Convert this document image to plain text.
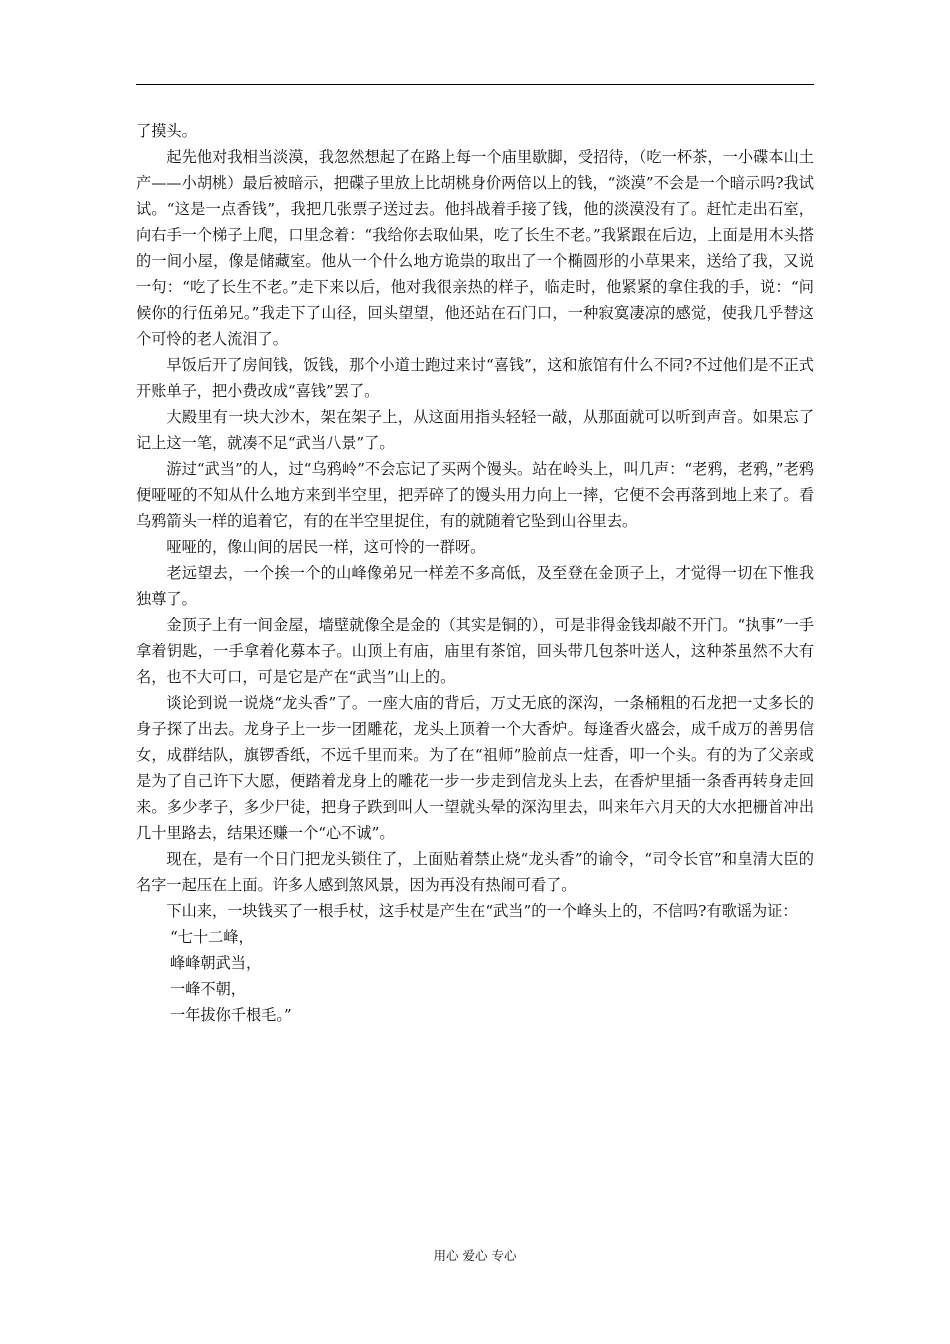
了摸头。

起先他对我相当淡漠，我忽然想起了在路上每一个庙里歇脚，受招待，（吃一杯茶，一小碟本山土产——小胡桃）最后被暗示，把碟子里放上比胡桃身价两倍以上的钱，“淡漠”不会是一个暗示吗?我试试。“这是一点香钱”，我把几张票子送过去。他抖战着手接了钱，他的淡漠没有了。赶忙走出石室，向右手一个梯子上爬，口里念着：“我给你去取仙果，吃了长生不老。”我紧跟在后边，上面是用木头搭的一间小屋，像是储藏室。他从一个什么地方诡祟的取出了一个椭圆形的小草果来，送给了我，又说一句：“吃了长生不老。”走下来以后，他对我很亲热的样子，临走时，他紧紧的拿住我的手，说：“问候你的行伍弟兄。”我走下了山径，回头望望，他还站在石门口，一种寂寞凄凉的感觉，使我几乎替这个可怜的老人流泪了。

早饭后开了房间钱，饭钱，那个小道士跑过来讨“喜钱”，这和旅馆有什么不同?不过他们是不正式开账单子，把小费改成“喜钱”罢了。

大殿里有一块大沙木，架在架子上，从这面用指头轻轻一敲，从那面就可以听到声音。如果忘了记上这一笔，就凑不足“武当八景”了。

游过“武当”的人，过“乌鸦岭”不会忘记了买两个馒头。站在岭头上，叫几声：“老鸦，老鸦，”老鸦便哑哑的不知从什么地方来到半空里，把弄碎了的馒头用力向上一摔，它便不会再落到地上来了。看乌鸦箭头一样的追着它，有的在半空里捉住，有的就随着它坠到山谷里去。

哑哑的，像山间的居民一样，这可怜的一群呀。

老远望去，一个挨一个的山峰像弟兄一样差不多高低，及至登在金顶子上，才觉得一切在下惟我独尊了。

金顶子上有一间金屋，墙壁就像全是金的（其实是铜的），可是非得金钱却敲不开门。“执事”一手拿着钥匙，一手拿着化募本子。山顶上有庙，庙里有茶馆，回头带几包茶叶送人，这种茶虽然不大有名，也不大可口，可是它是产在“武当”山上的。

谈论到说一说烧“龙头香”了。一座大庙的背后，万丈无底的深沟，一条桶粗的石龙把一丈多长的身子探了出去。龙身子上一步一团雕花，龙头上顶着一个大香炉。每逢香火盛会，成千成万的善男信女，成群结队，旗锣香纸，不远千里而来。为了在“祖师”脸前点一炷香，叩一个头。有的为了父亲或是为了自己许下大愿，便踏着龙身上的雕花一步一步走到信龙头上去，在香炉里插一条香再转身走回来。多少孝子，多少尸徒，把身子跌到叫人一望就头晕的深沟里去，叫来年六月天的大水把栅首冲出几十里路去，结果还赚一个“心不诚”。

现在，是有一个日门把龙头锁住了，上面贴着禁止烧“龙头香”的谕令，“司令长官”和皇清大臣的名字一起压在上面。许多人感到煞风景，因为再没有热闹可看了。

下山来，一块钱买了一根手杖，这手杖是产生在“武当”的一个峰头上的，不信吗?有歌谣为证：

“七十二峰，
峰峰朝武当，
一峰不朝，
一年拔你千根毛。”
用心 爱心 专心
